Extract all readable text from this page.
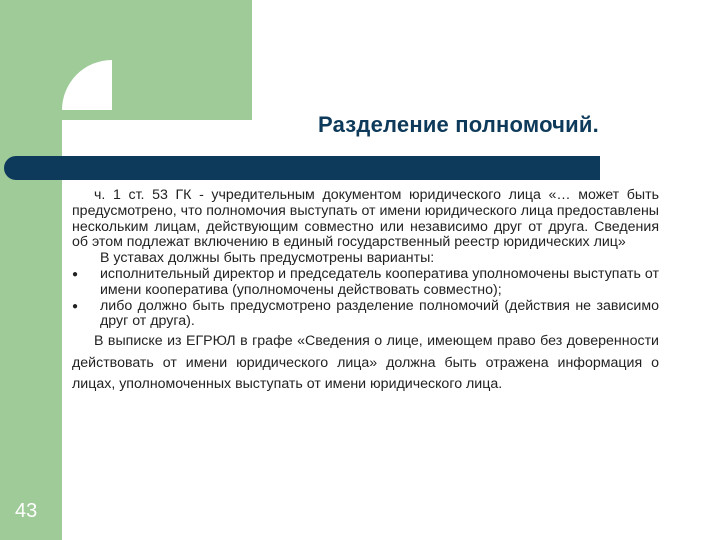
Разделение полномочий.

ч. 1 ст. 53 ГК - учредительным документом юридического лица «… может быть предусмотрено, что полномочия выступать от имени юридического лица предоставлены нескольким лицам, действующим совместно или независимо друг от друга. Сведения об этом подлежат включению в единый государственный реестр юридических лиц»

В уставах должны быть предусмотрены варианты:

● исполнительный директор и председатель кооператива уполномочены выступать от имени кооператива (уполномочены действовать совместно);
● либо должно быть предусмотрено разделение полномочий (действия не зависимо друг от друга).

В выписке из ЕГРЮЛ в графе «Сведения о лице, имеющем право без доверенности действовать от имени юридического лица» должна быть отражена информация о лицах, уполномоченных выступать от имени юридического лица.

43
